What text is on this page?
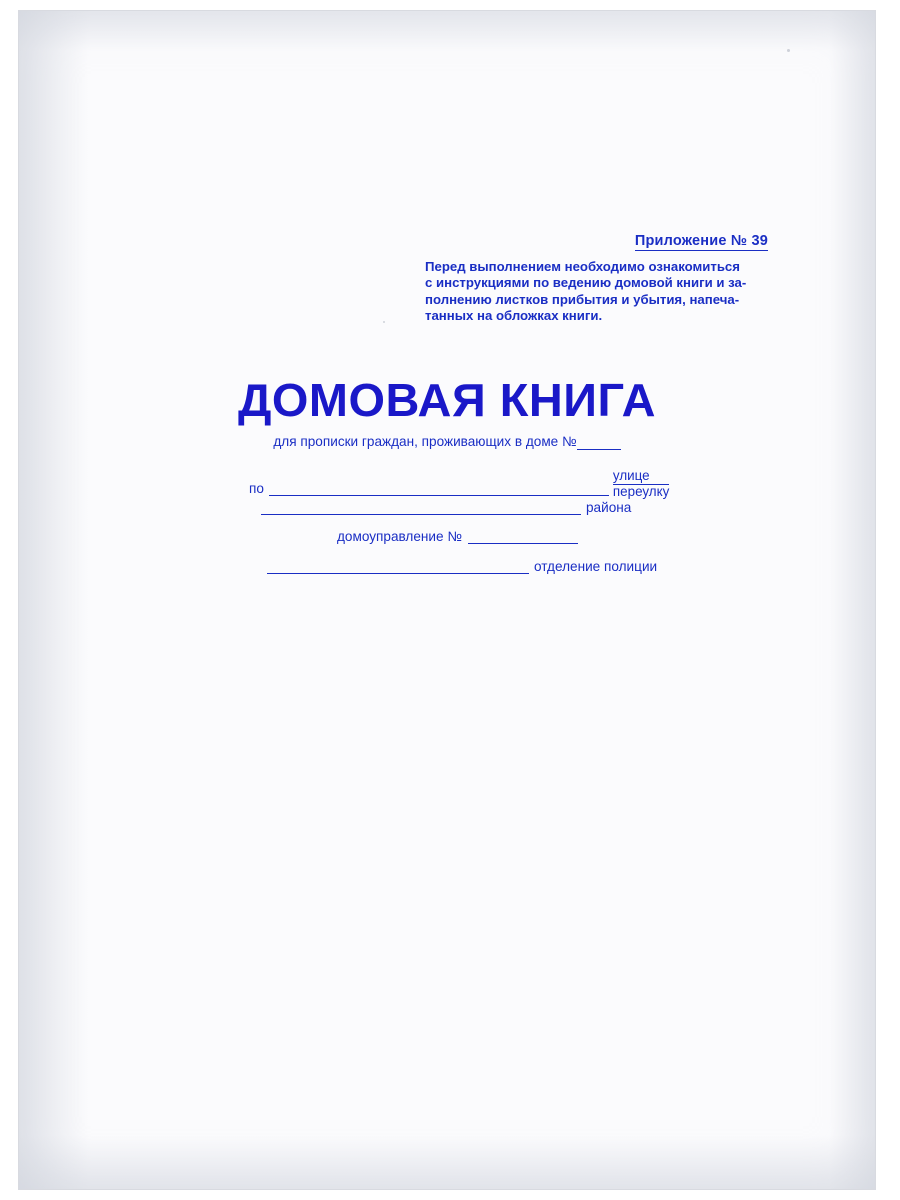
Приложение № 39
Перед выполнением необходимо ознакомиться
с инструкциями по ведению домовой книги и за-
полнению листков прибытия и убытия, напеча-
танных на обложках книги.
ДОМОВАЯ КНИГА
для прописки граждан, проживающих в доме №
по
улице
переулку
района
домоуправление №
отделение полиции
